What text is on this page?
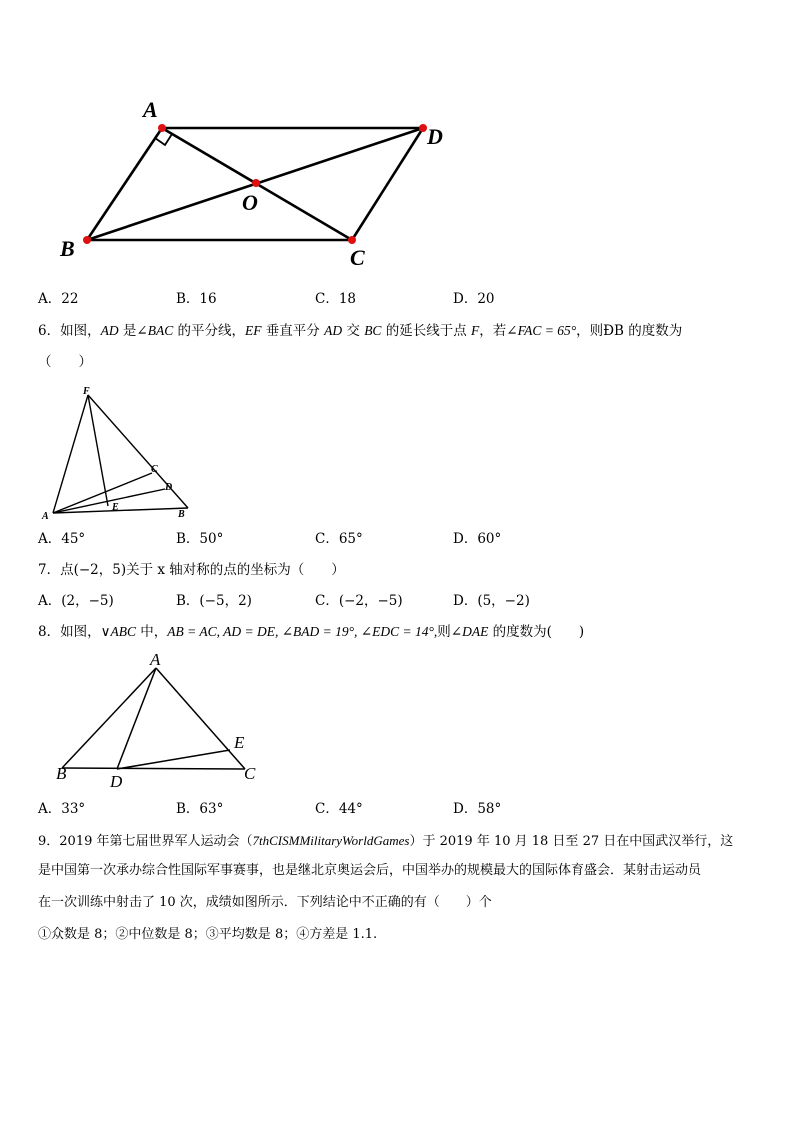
A
D
O
B	C
A．22	B．16	C．18	D．20
6．如图，AD 是∠BAC 的平分线，EF 垂直平分 AD 交 BC 的延长线于点 F，若∠FAC = 65°，则ÐB 的度数为
（　　）
F
A
E
B
C
D
A．45°	B．50°	C．65°	D．60°
7．点(−2，5)关于 x 轴对称的点的坐标为（　　）
A．(2，−5)	B．(−5，2)	C．(−2，−5)	D．(5，−2)
8．如图，∨ABC 中，AB = AC, AD = DE, ∠BAD = 19°, ∠EDC = 14°,则∠DAE 的度数为(　　)
A
B	D
E
C
A．33°	B．63°	C．44°	D．58°
9．2019 年第七届世界军人运动会（7thCISMMilitaryWorldGames）于 2019 年 10 月 18 日至 27 日在中国武汉举行，这
是中国第一次承办综合性国际军事赛事，也是继北京奥运会后，中国举办的规模最大的国际体育盛会．某射击运动员
在一次训练中射击了 10 次，成绩如图所示．下列结论中不正确的有（　　）个
①众数是 8；②中位数是 8；③平均数是 8；④方差是 1.1.
